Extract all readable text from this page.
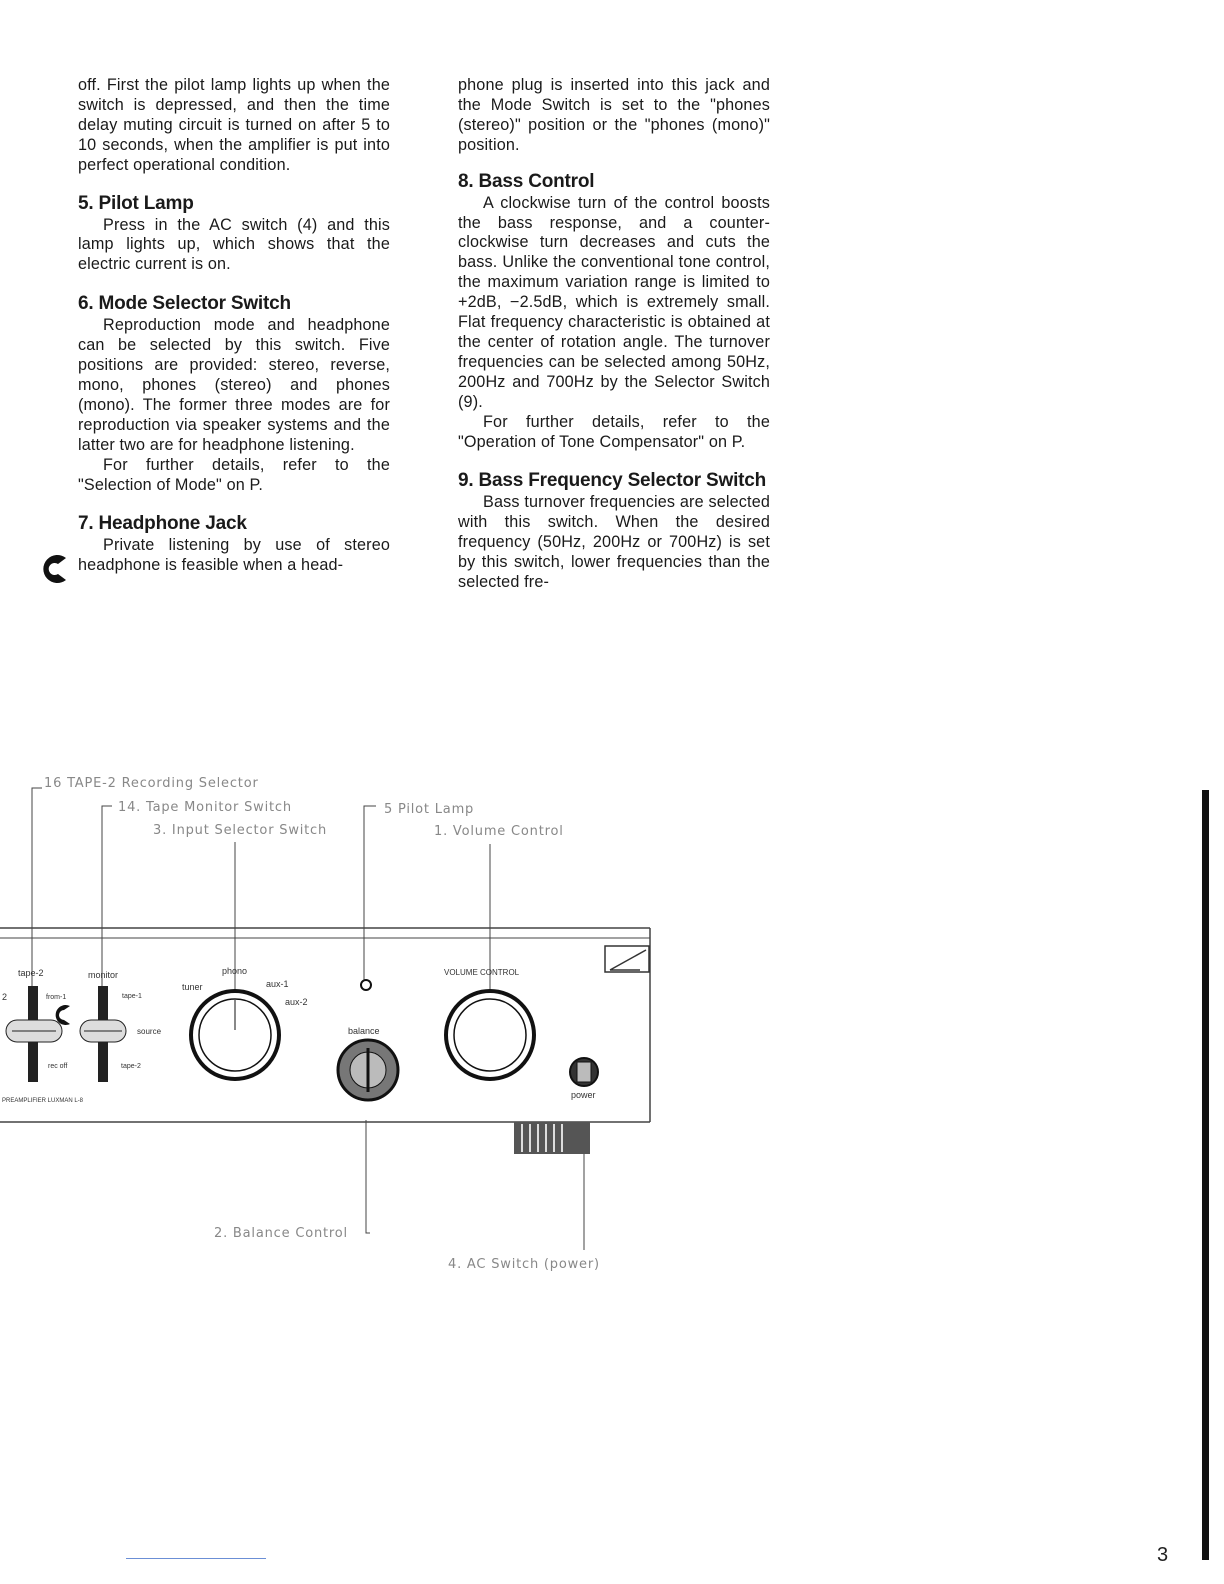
off. First the pilot lamp lights up when the switch is depressed, and then the time delay muting circuit is turned on after 5 to 10 seconds, when the amplifier is put into perfect operational condition.

5. Pilot Lamp

Press in the AC switch (4) and this lamp lights up, which shows that the electric current is on.

6. Mode Selector Switch

Reproduction mode and headphone can be selected by this switch. Five positions are provided: stereo, reverse, mono, phones (stereo) and phones (mono). The former three modes are for reproduction via speaker systems and the latter two are for headphone listening.

For further details, refer to the "Selection of Mode" on P.

7. Headphone Jack

Private listening by use of stereo headphone is feasible when a head-

phone plug is inserted into this jack and the Mode Switch is set to the "phones (stereo)" position or the "phones (mono)" position.

8. Bass Control

A clockwise turn of the control boosts the bass response, and a counter-clockwise turn decreases and cuts the bass. Unlike the conventional tone control, the maximum variation range is limited to +2dB, −2.5dB, which is extremely small. Flat frequency characteristic is obtained at the center of rotation angle. The turnover frequencies can be selected among 50Hz, 200Hz and 700Hz by the Selector Switch (9).

For further details, refer to the "Operation of Tone Compensator" on P.

9. Bass Frequency Selector Switch

Bass turnover frequencies are selected with this switch. When the desired frequency (50Hz, 200Hz or 700Hz) is set by this switch, lower frequencies than the selected fre-

16 TAPE-2 Recording Selector
14. Tape Monitor Switch
3. Input Selector Switch
5 Pilot Lamp
1. Volume Control
2. Balance Control
4. AC Switch (power)
tape-2	monitor
2	from-1	tape-1
source
rec off	tape-2
phono
tuner	aux-1
aux-2
balance
VOLUME CONTROL
power
PREAMPLIFIER LUXMAN L-8
3
